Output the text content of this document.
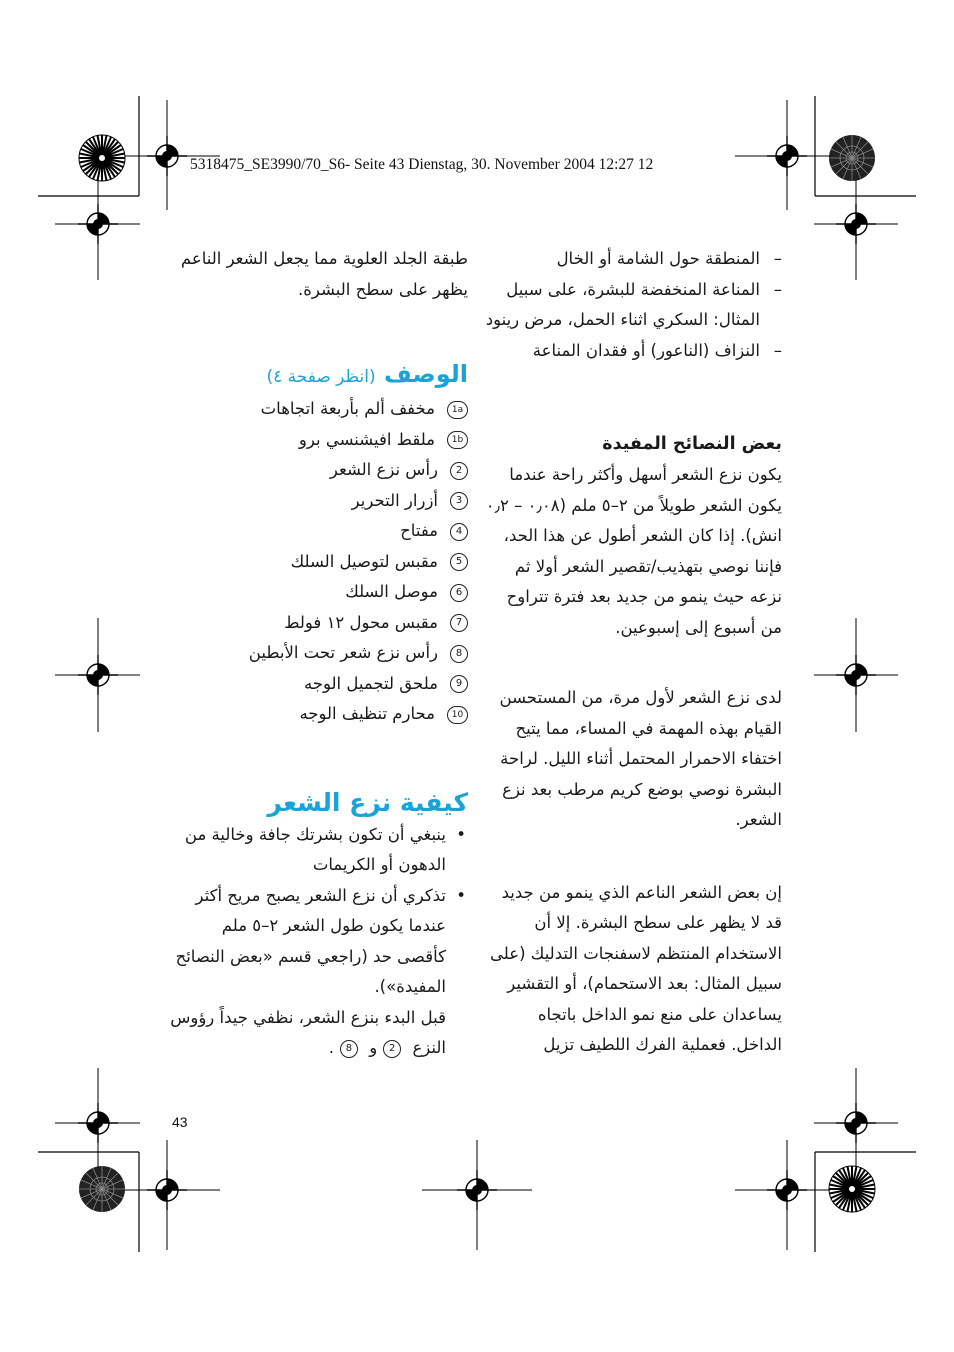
5318475_SE3990/70_S6- Seite 43 Dienstag, 30. November 2004 12:27 12
–
المنطقة حول الشامة أو الخال
–
المناعة المنخفضة للبشرة، على سبيل المثال: السكري اثناء الحمل، مرض رينود
–
النزاف (الناعور) أو فقدان المناعة
بعض النصائح المفيدة

يكون نزع الشعر أسهل وأكثر راحة عندما يكون الشعر طويلاً من ٢–٥ ملم (٠٫٠٨ – ٠٫٢ انش). إذا كان الشعر أطول عن هذا الحد، فإننا نوصي بتهذيب/تقصير الشعر أولا ثم نزعه حيث ينمو من جديد بعد فترة تتراوح من أسبوع إلى إسبوعين.

لدى نزع الشعر لأول مرة، من المستحسن القيام بهذه المهمة في المساء، مما يتيح اختفاء الاحمرار المحتمل أثناء الليل. لراحة البشرة نوصي بوضع كريم مرطب بعد نزع الشعر.

إن بعض الشعر الناعم الذي ينمو من جديد قد لا يظهر على سطح البشرة. إلا أن الاستخدام المنتظم لاسفنجات التدليك (على سبيل المثال: بعد الاستحمام)، أو التقشير يساعدان على منع نمو الداخل باتجاه الداخل. فعملية الفرك اللطيف تزيل

طبقة الجلد العلوية مما يجعل الشعر الناعم يظهر على سطح البشرة.

الوصف (انظر صفحة ٤)
1aمخفف ألم بأربعة اتجاهات
1bملقط افيشنسي برو
2رأس نزع الشعر
3أزرار التحرير
4مفتاح
5مقبس لتوصيل السلك
6موصل السلك
7مقبس محول ١٢ فولط
8رأس نزع شعر تحت الأبطين
9ملحق لتجميل الوجه
10محارم تنظيف الوجه
كيفية نزع الشعر
•
ينبغي أن تكون بشرتك جافة وخالية من الدهون أو الكريمات
•
تذكري أن نزع الشعر يصبح مريح أكثر عندما يكون طول الشعر ٢–٥ ملم كأقصى حد (راجعي قسم «بعض النصائح المفيدة»).
قبل البدء بنزع الشعر، نظفي جيداً رؤوس النزع 2و 8.
43
